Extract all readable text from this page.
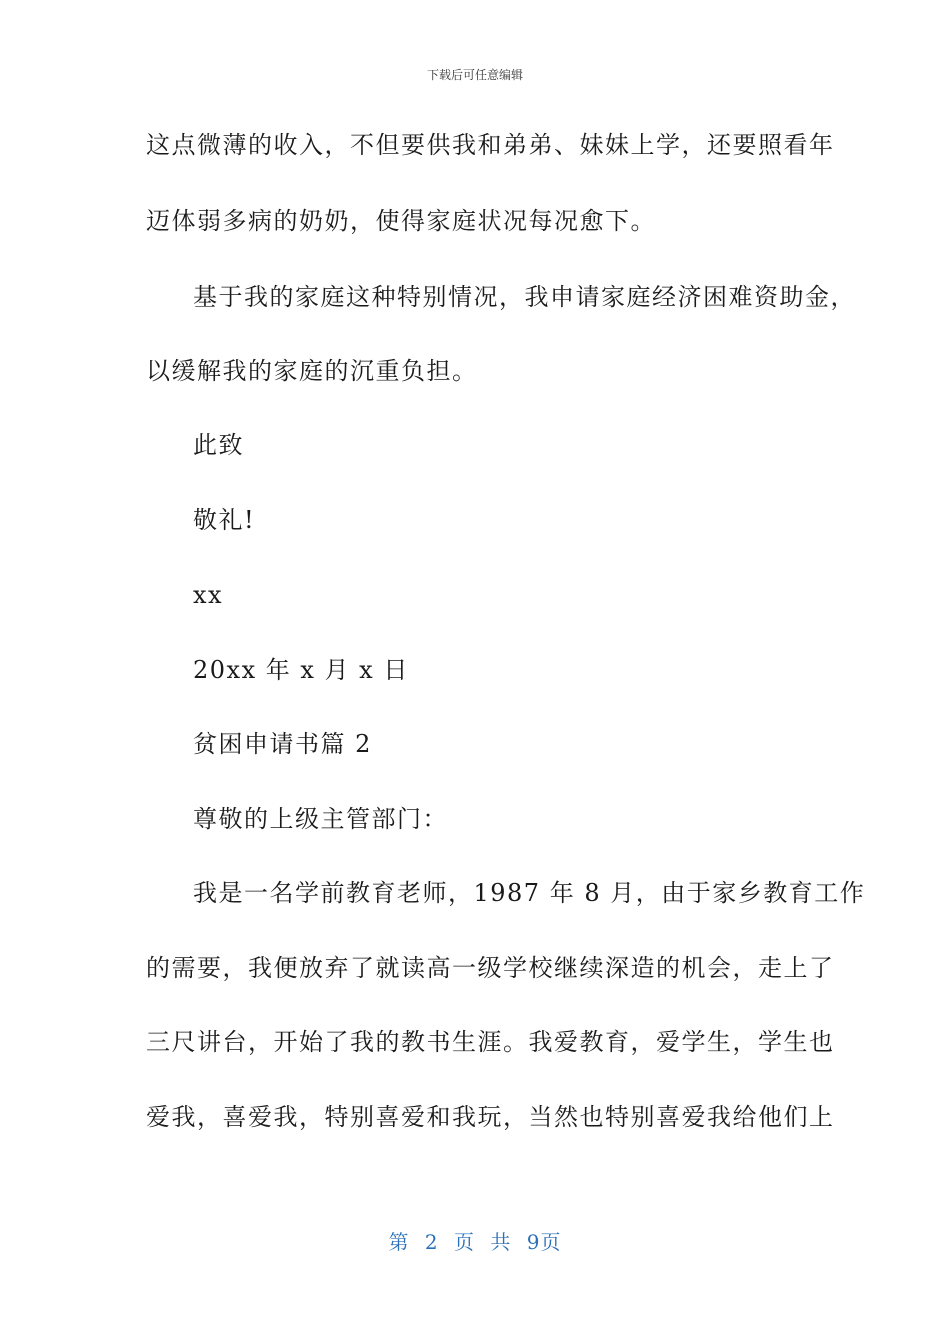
下载后可任意编辑
这点微薄的收入，不但要供我和弟弟、妹妹上学，还要照看年
迈体弱多病的奶奶，使得家庭状况每况愈下。
基于我的家庭这种特别情况，我申请家庭经济困难资助金，
以缓解我的家庭的沉重负担。
此致
敬礼!
xx
20xx 年 x 月 x 日
贫困申请书篇 2
尊敬的上级主管部门：
我是一名学前教育老师，1987 年 8 月，由于家乡教育工作
的需要，我便放弃了就读高一级学校继续深造的机会，走上了
三尺讲台，开始了我的教书生涯。我爱教育，爱学生，学生也
爱我，喜爱我，特别喜爱和我玩，当然也特别喜爱我给他们上
第 2 页 共 9页
